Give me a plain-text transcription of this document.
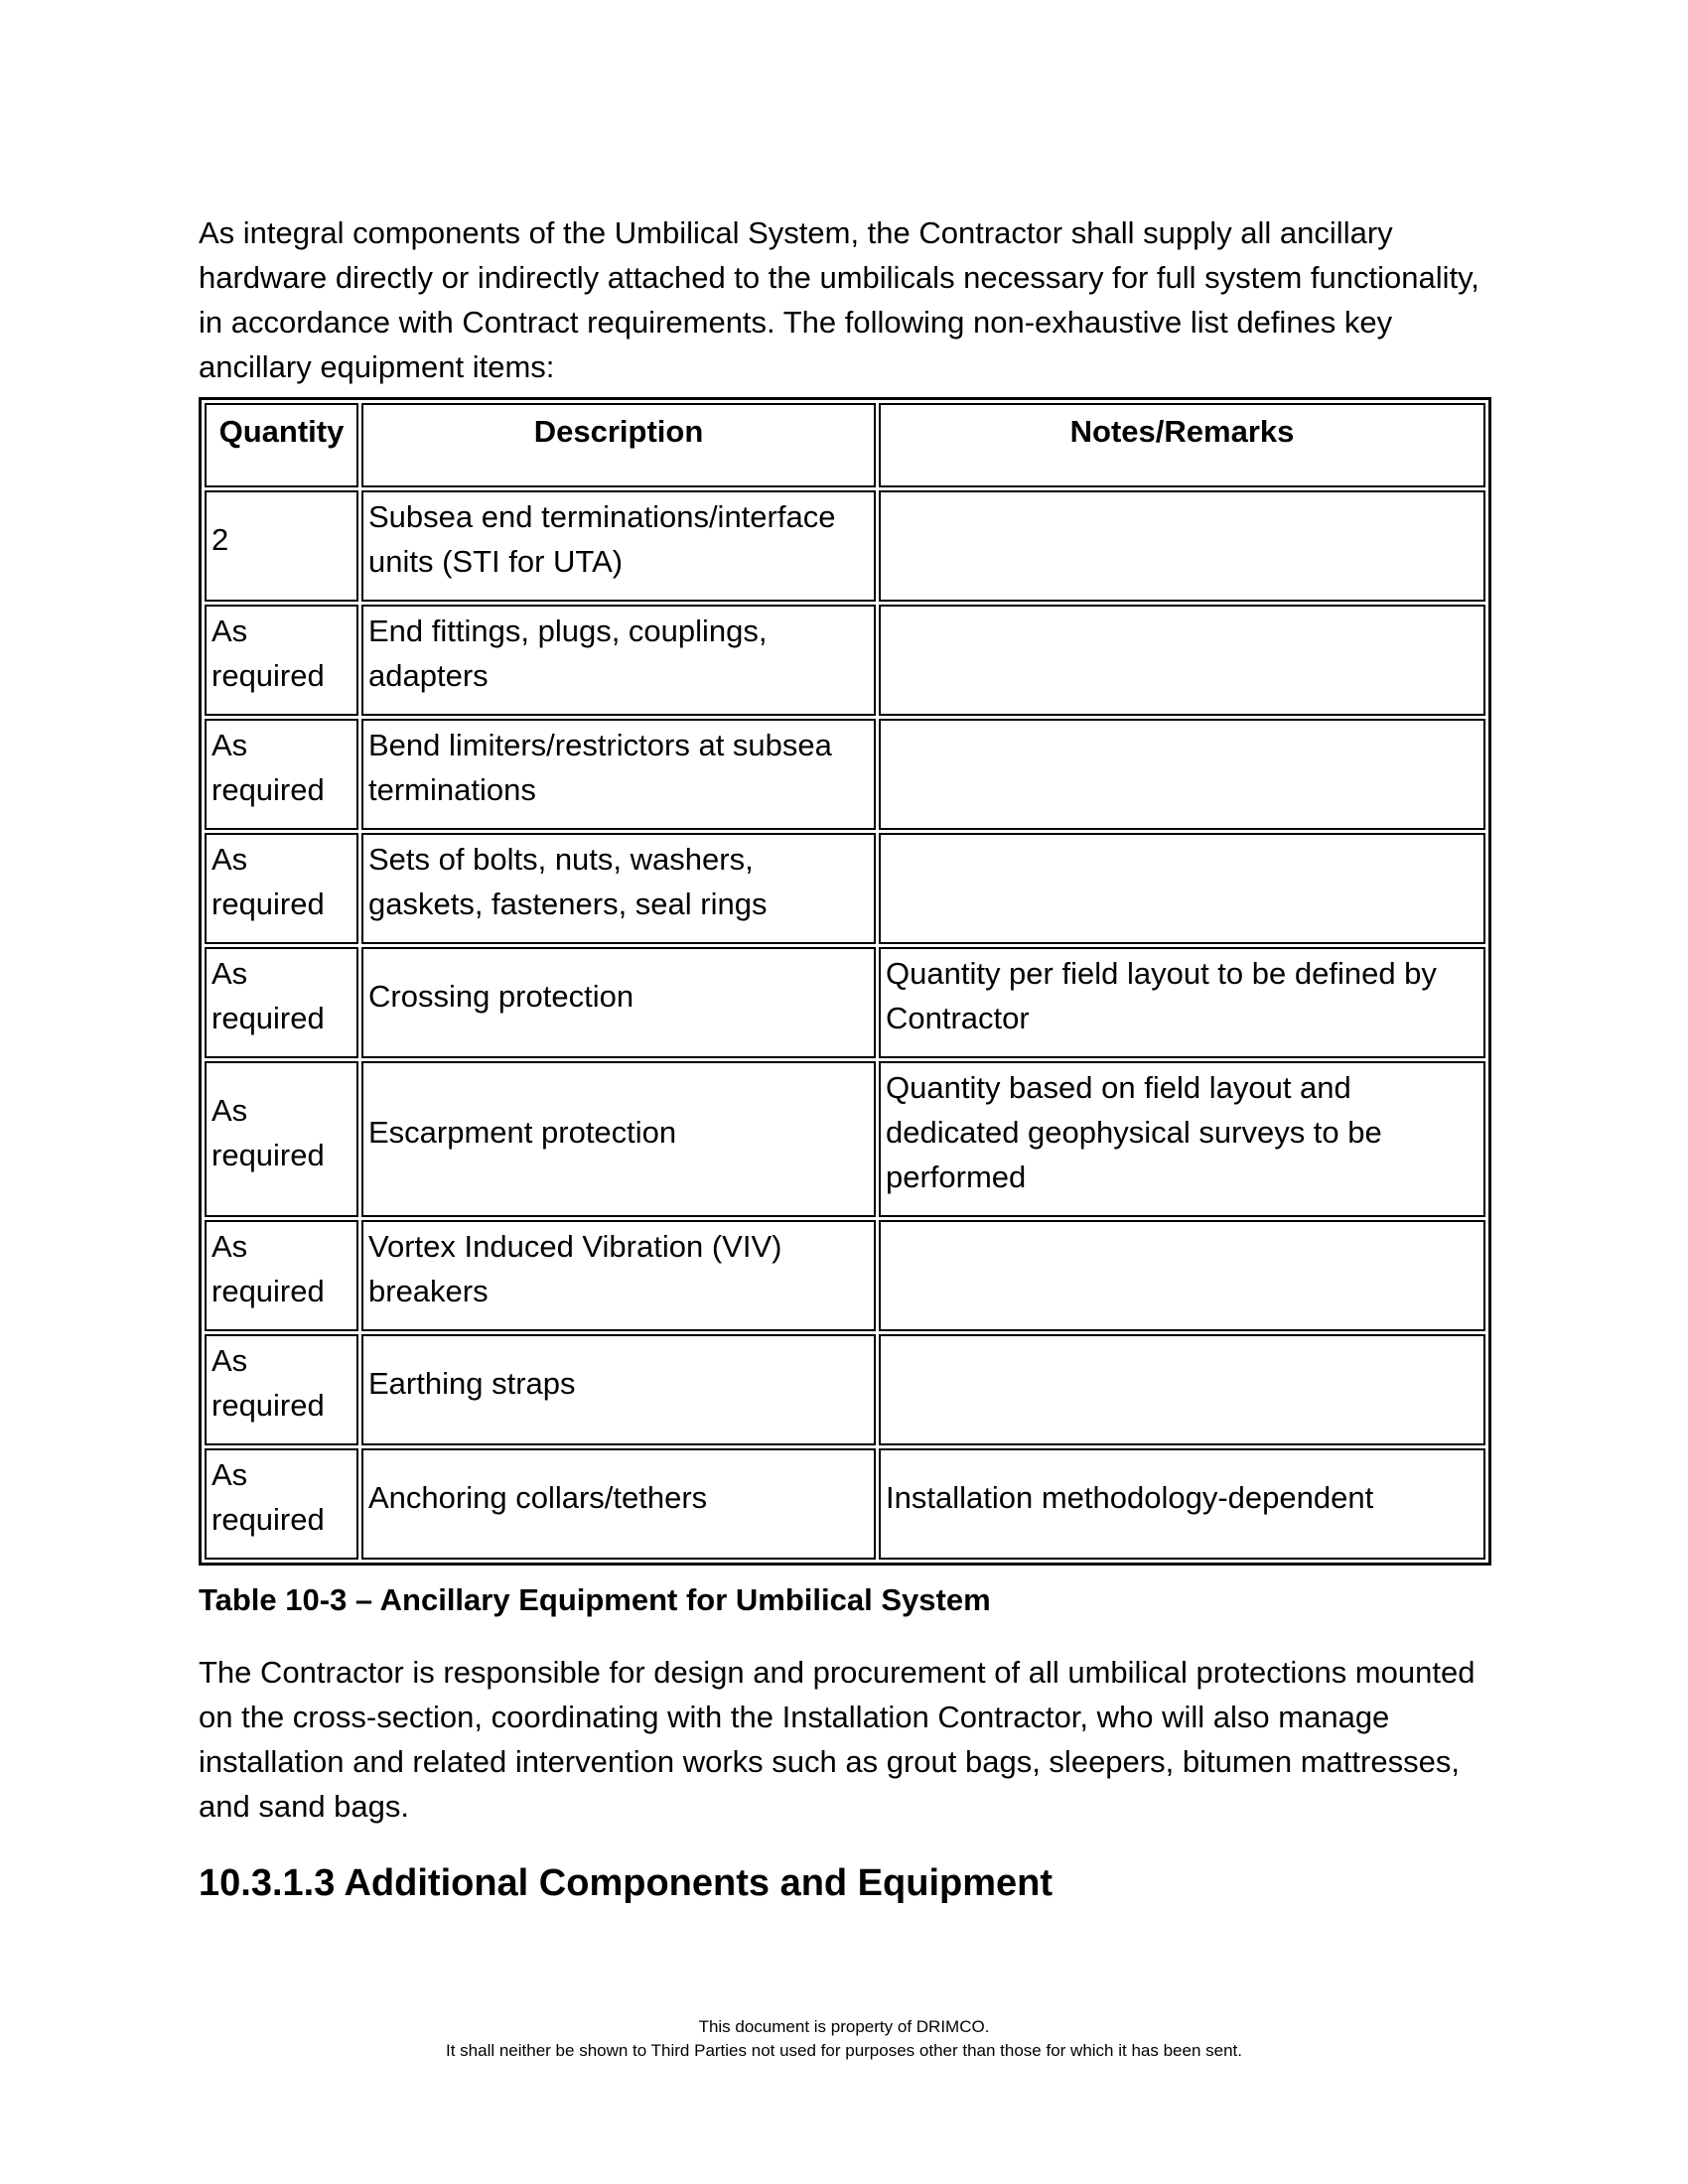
As integral components of the Umbilical System, the Contractor shall supply all ancillary hardware directly or indirectly attached to the umbilicals necessary for full system functionality, in accordance with Contract requirements. The following non-exhaustive list defines key ancillary equipment items:

Quantity	Description	Notes/Remarks
2	Subsea end terminations/interface units (STI for UTA)	
As required	End fittings, plugs, couplings, adapters	
As required	Bend limiters/restrictors at subsea terminations	
As required	Sets of bolts, nuts, washers, gaskets, fasteners, seal rings	
As required	Crossing protection	Quantity per field layout to be defined by Contractor
As required	Escarpment protection	Quantity based on field layout and dedicated geophysical surveys to be performed
As required	Vortex Induced Vibration (VIV) breakers	
As required	Earthing straps	
As required	Anchoring collars/tethers	Installation methodology-dependent

Table 10-3 – Ancillary Equipment for Umbilical System

The Contractor is responsible for design and procurement of all umbilical protections mounted on the cross-section, coordinating with the Installation Contractor, who will also manage installation and related intervention works such as grout bags, sleepers, bitumen mattresses, and sand bags.

10.3.1.3 Additional Components and Equipment
This document is property of DRIMCO.
It shall neither be shown to Third Parties not used for purposes other than those for which it has been sent.
